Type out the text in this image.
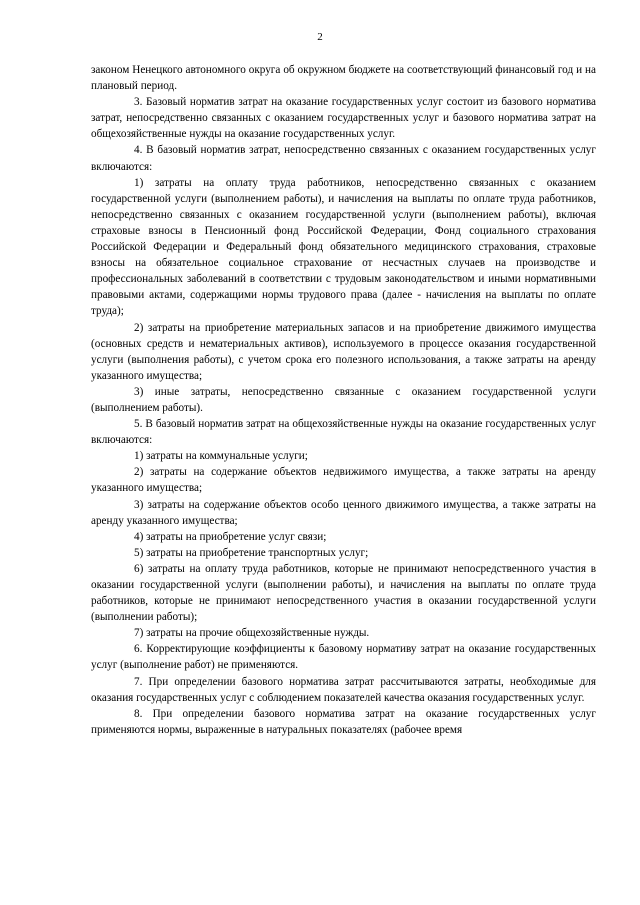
2

законом Ненецкого автономного округа об окружном бюджете на соответствующий финансовый год и на плановый период.

3. Базовый норматив затрат на оказание государственных услуг состоит из базового норматива затрат, непосредственно связанных с оказанием государственных услуг и базового норматива затрат на общехозяйственные нужды на оказание государственных услуг.

4. В базовый норматив затрат, непосредственно связанных с оказанием государственных услуг включаются:

1) затраты на оплату труда работников, непосредственно связанных с оказанием государственной услуги (выполнением работы), и начисления на выплаты по оплате труда работников, непосредственно связанных с оказанием государственной услуги (выполнением работы), включая страховые взносы в Пенсионный фонд Российской Федерации, Фонд социального страхования Российской Федерации и Федеральный фонд обязательного медицинского страхования, страховые взносы на обязательное социальное страхование от несчастных случаев на производстве и профессиональных заболеваний в соответствии с трудовым законодательством и иными нормативными правовыми актами, содержащими нормы трудового права (далее - начисления на выплаты по оплате труда);

2) затраты на приобретение материальных запасов и на приобретение движимого имущества (основных средств и нематериальных активов), используемого в процессе оказания государственной услуги (выполнения работы), с учетом срока его полезного использования, а также затраты на аренду указанного имущества;

3) иные затраты, непосредственно связанные с оказанием государственной услуги (выполнением работы).

5. В базовый норматив затрат на общехозяйственные нужды на оказание государственных услуг включаются:

1) затраты на коммунальные услуги;

2) затраты на содержание объектов недвижимого имущества, а также затраты на аренду указанного имущества;

3) затраты на содержание объектов особо ценного движимого имущества, а также затраты на аренду указанного имущества;

4) затраты на приобретение услуг связи;

5) затраты на приобретение транспортных услуг;

6) затраты на оплату труда работников, которые не принимают непосредственного участия в оказании государственной услуги (выполнении работы), и начисления на выплаты по оплате труда работников, которые не принимают непосредственного участия в оказании государственной услуги (выполнении работы);

7) затраты на прочие общехозяйственные нужды.

6. Корректирующие коэффициенты к базовому нормативу затрат на оказание государственных услуг (выполнение работ) не применяются.

7. При определении базового норматива затрат рассчитываются затраты, необходимые для оказания государственных услуг с соблюдением показателей качества оказания государственных услуг.

8. При определении базового норматива затрат на оказание государственных услуг применяются нормы, выраженные в натуральных показателях (рабочее время
